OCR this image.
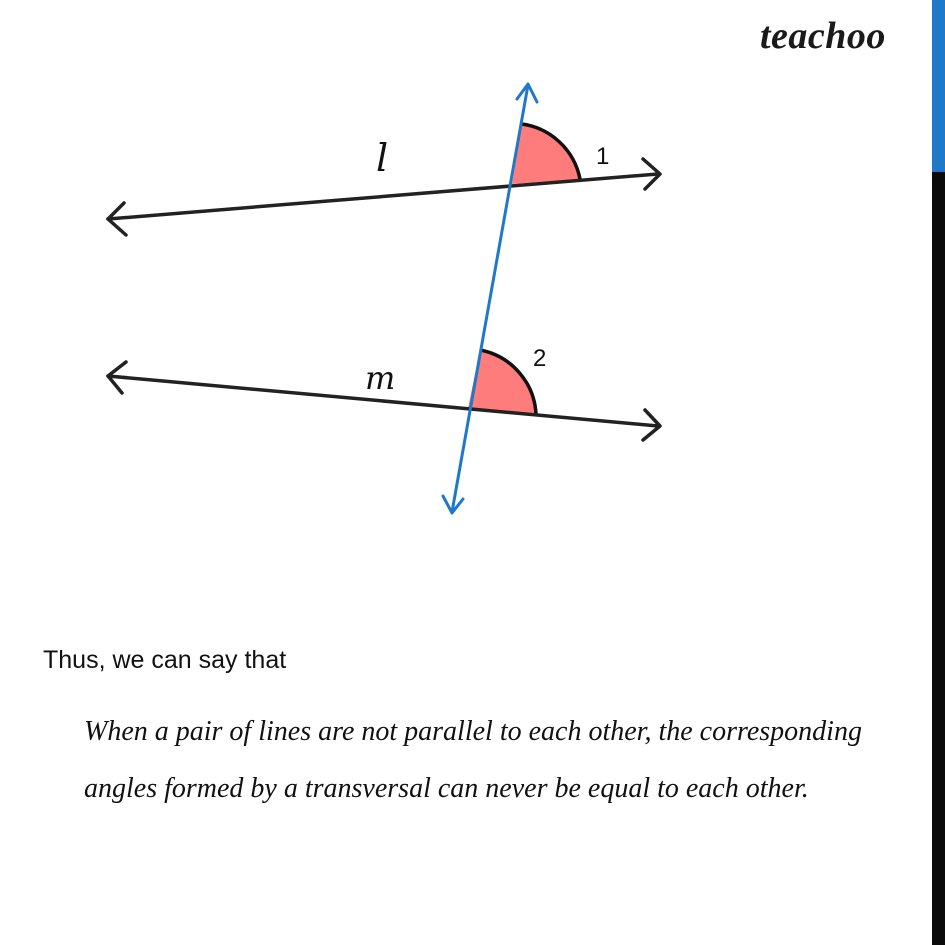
l
m
1
2
teachoo
Thus, we can say that
When a pair of lines are not parallel to each other, the corresponding angles formed by a transversal can never be equal to each other.
